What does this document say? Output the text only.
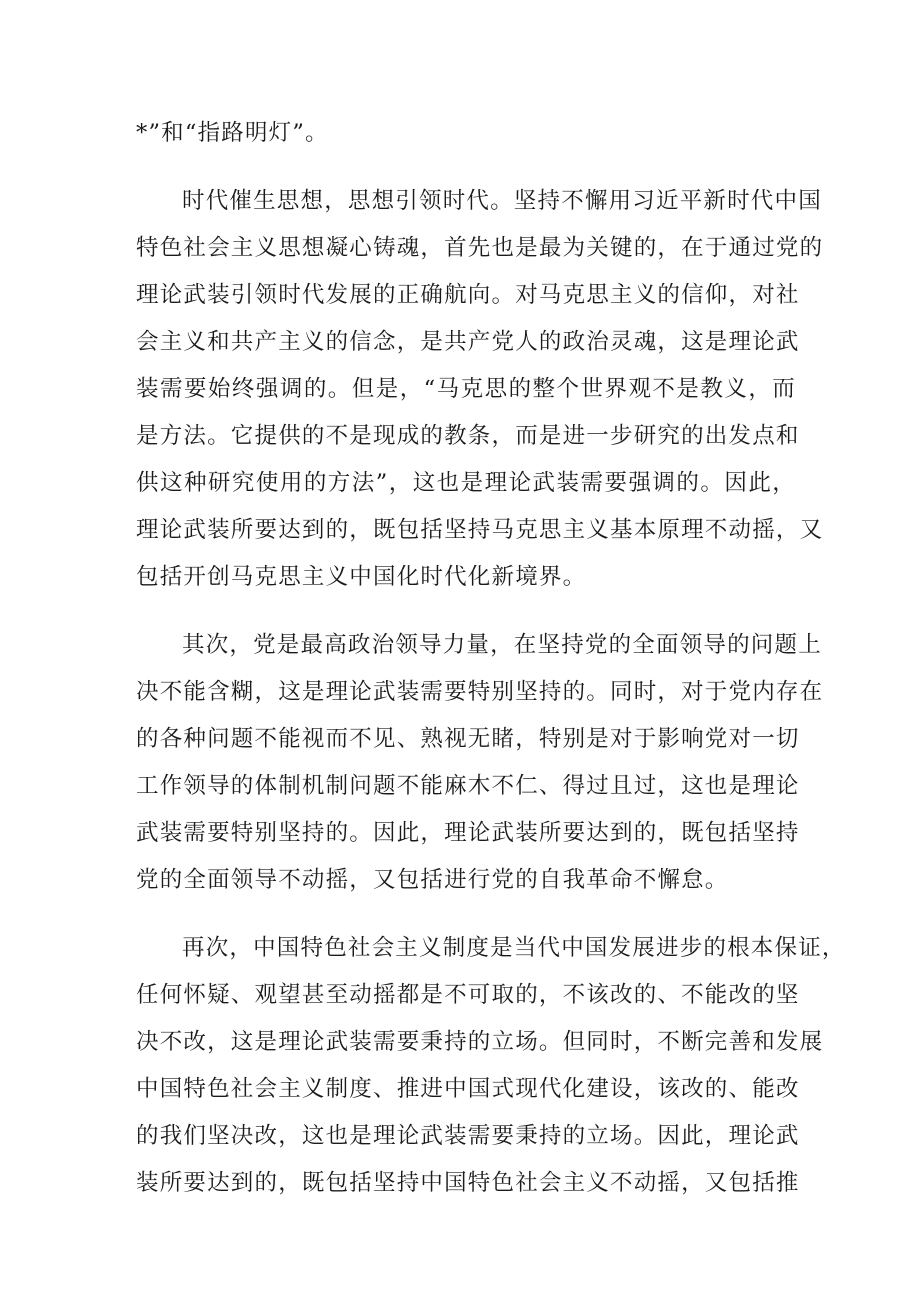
*”和“指路明灯”。
时代催生思想，思想引领时代。坚持不懈用习近平新时代中国
特色社会主义思想凝心铸魂，首先也是最为关键的，在于通过党的
理论武装引领时代发展的正确航向。对马克思主义的信仰，对社
会主义和共产主义的信念，是共产党人的政治灵魂，这是理论武
装需要始终强调的。但是，“马克思的整个世界观不是教义，而
是方法。它提供的不是现成的教条，而是进一步研究的出发点和
供这种研究使用的方法”，这也是理论武装需要强调的。因此，
理论武装所要达到的，既包括坚持马克思主义基本原理不动摇，又
包括开创马克思主义中国化时代化新境界。
其次，党是最高政治领导力量，在坚持党的全面领导的问题上
决不能含糊，这是理论武装需要特别坚持的。同时，对于党内存在
的各种问题不能视而不见、熟视无睹，特别是对于影响党对一切
工作领导的体制机制问题不能麻木不仁、得过且过，这也是理论
武装需要特别坚持的。因此，理论武装所要达到的，既包括坚持
党的全面领导不动摇，又包括进行党的自我革命不懈怠。
再次，中国特色社会主义制度是当代中国发展进步的根本保证，
任何怀疑、观望甚至动摇都是不可取的，不该改的、不能改的坚
决不改，这是理论武装需要秉持的立场。但同时，不断完善和发展
中国特色社会主义制度、推进中国式现代化建设，该改的、能改
的我们坚决改，这也是理论武装需要秉持的立场。因此，理论武
装所要达到的，既包括坚持中国特色社会主义不动摇，又包括推
